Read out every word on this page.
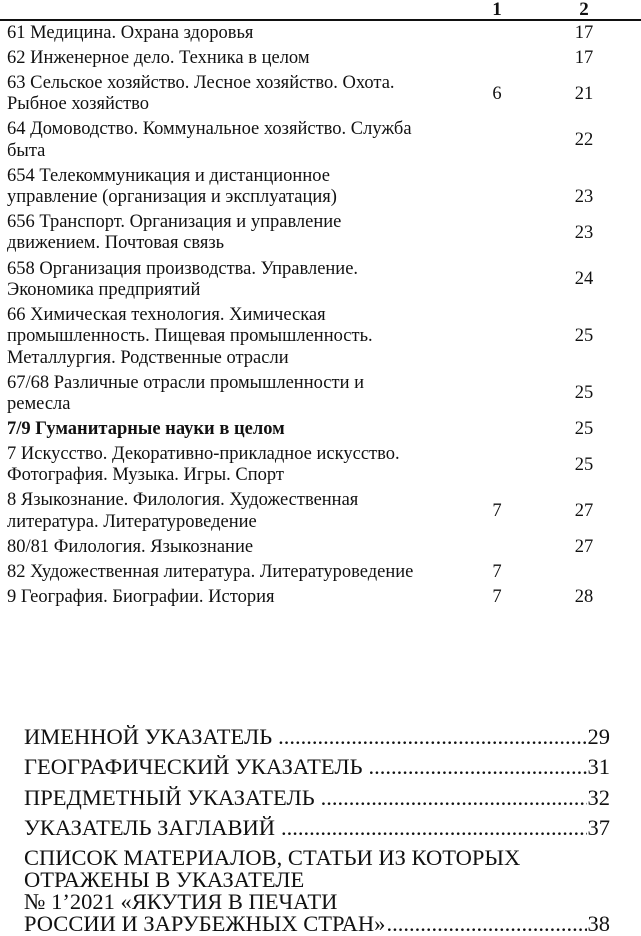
		1	2
61 Медицина. Охрана здоровья			17
62 Инженерное дело. Техника в целом			17
63 Сельское хозяйство. Лесное хозяйство. Охота. Рыбное хозяйство		6	21
64 Домоводство. Коммунальное хозяйство. Служба быта			22
654 Телекоммуникация и дистанционное управление (организация и эксплуатация)			23
656 Транспорт. Организация и управление движением. Почтовая связь			23
658 Организация производства. Управление. Экономика предприятий			24
66 Химическая технология. Химическая промышленность. Пищевая промышленность. Металлургия. Родственные отрасли			25
67/68 Различные отрасли промышленности и ремесла			25
7/9 Гуманитарные науки в целом			25
7 Искусство. Декоративно-прикладное искусство. Фотография. Музыка. Игры. Спорт			25
8 Языкознание. Филология. Художественная литература. Литературоведение		7	27
80/81 Филология. Языкознание			27
82 Художественная литература. Литературоведение		7	
9 География. Биографии. История		7	28
ИМЕННОЙ УКАЗАТЕЛЬ .....	29
ГЕОГРАФИЧЕСКИЙ УКАЗАТЕЛЬ .....	31
ПРЕДМЕТНЫЙ УКАЗАТЕЛЬ .....	32
УКАЗАТЕЛЬ ЗАГЛАВИЙ .....	37
СПИСОК МАТЕРИАЛОВ, СТАТЬИ ИЗ КОТОРЫХ
ОТРАЖЕНЫ В УКАЗАТЕЛЕ
№ 1’2021 «ЯКУТИЯ В ПЕЧАТИ
РОССИИ И ЗАРУБЕЖНЫХ СТРАН» .....	38
